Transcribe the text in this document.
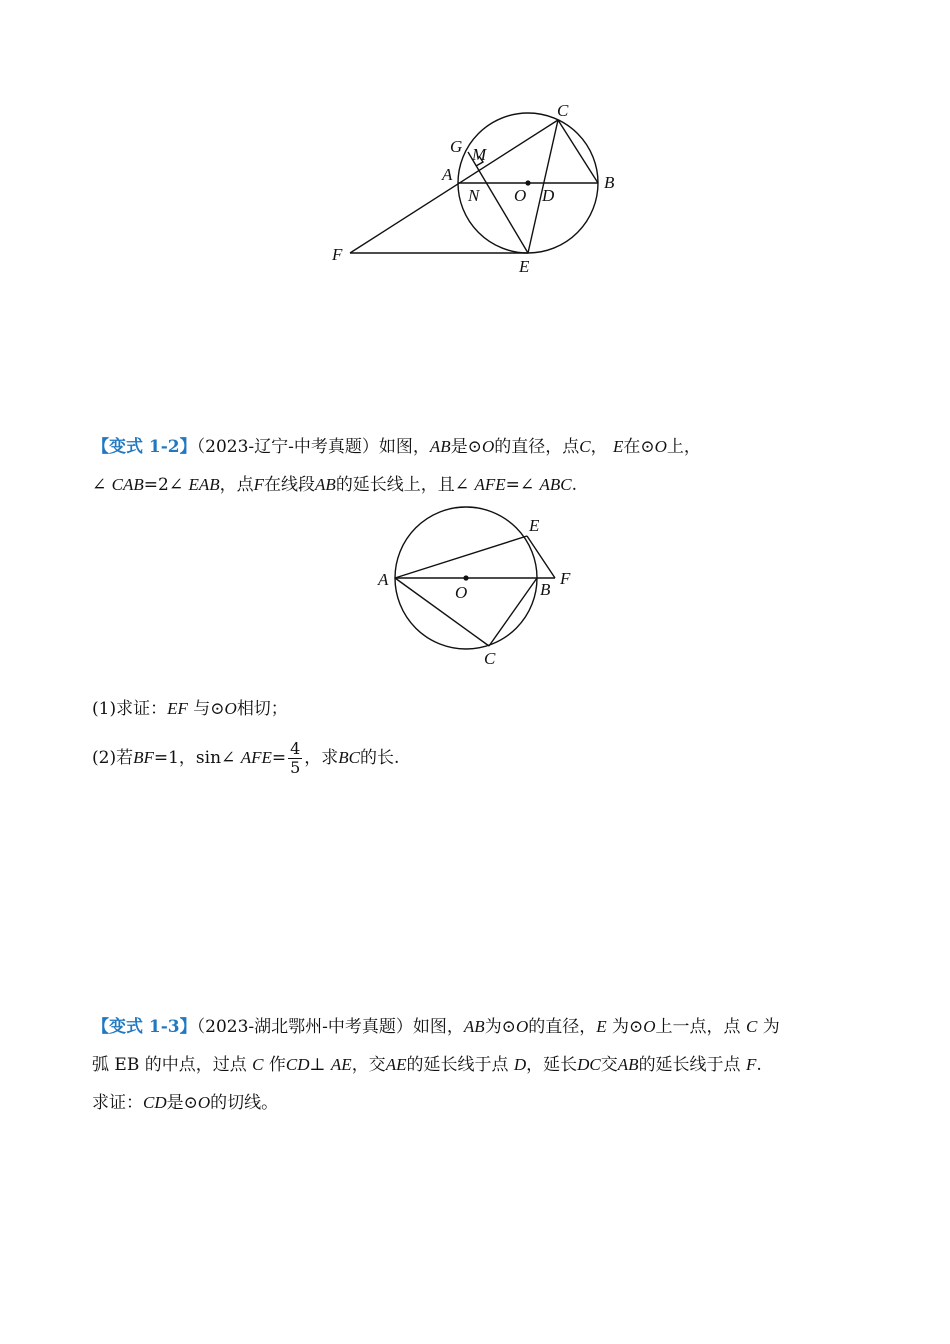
C
G M
A
N O D
B
F
E
【变式 1-2】（2023-辽宁-中考真题）如图，AB是⊙O的直径，点C， E在⊙O上，
∠ CAB=2∠ EAB，点F在线段AB的延长线上，且∠ AFE=∠ ABC.
E
F
A
O	B
C
(1)求证：EF 与⊙O相切；
(2)若BF=1，sin∠ $AFE= \frac{4}{5}$ ，求BC的长.
【变式 1-3】（2023-湖北鄂州-中考真题）如图，AB为⊙O的直径，E 为⊙O上一点，点 C 为
弧 EB 的中点，过点 C 作CD⊥ AE，交AE的延长线于点 D，延长DC交AB的延长线于点 F.
求证：CD是⊙O的切线。
